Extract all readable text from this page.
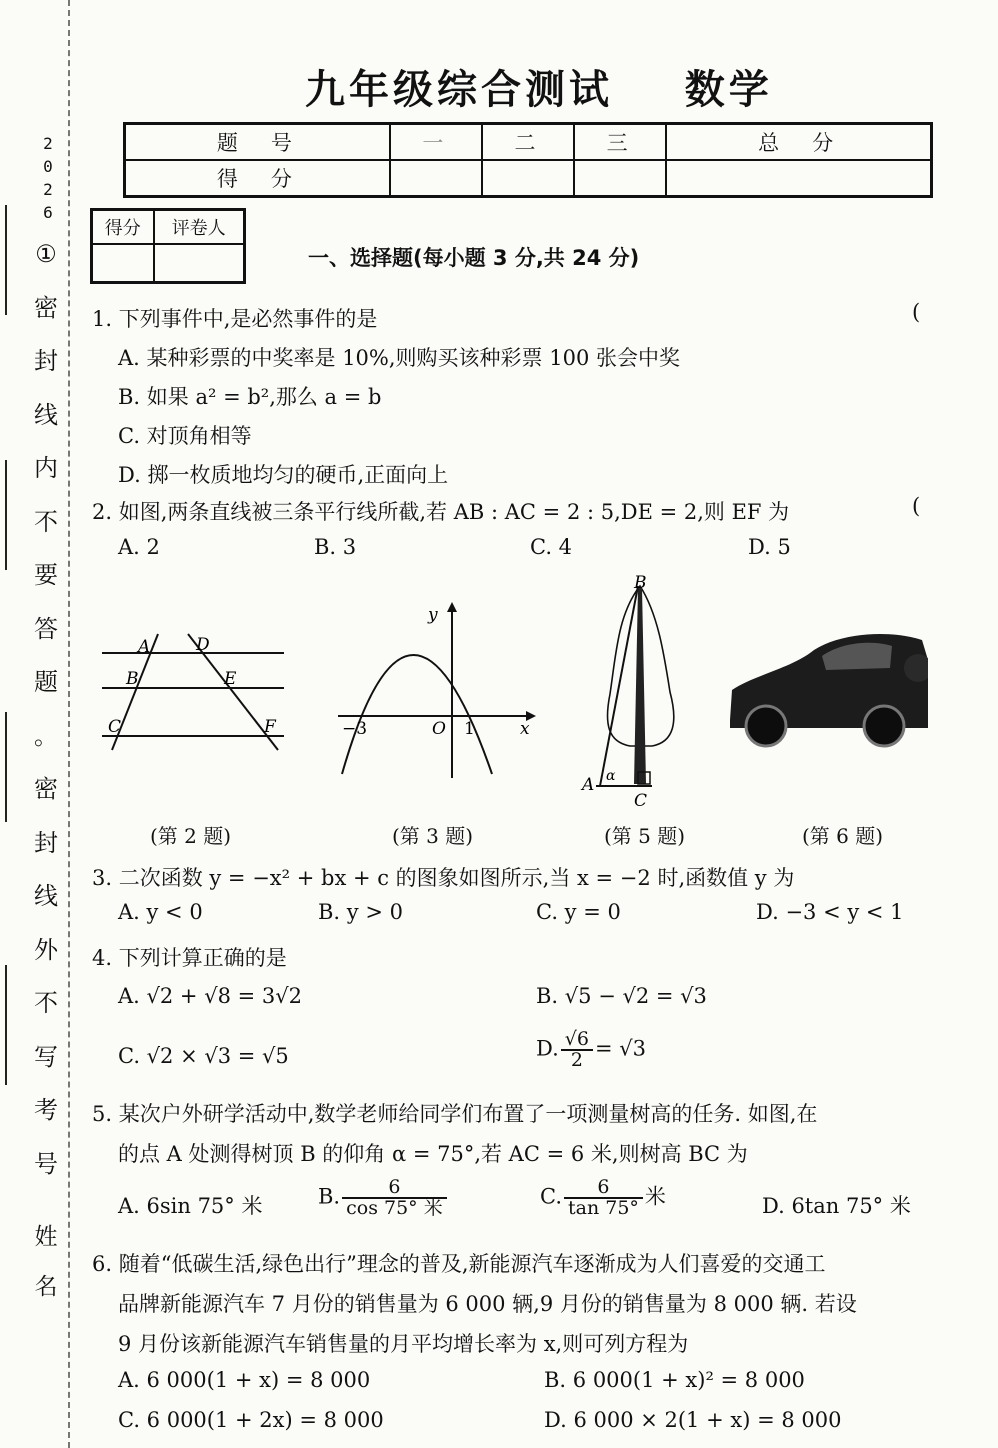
2
0
2
6
①
密
封
线
内
不
要
答
题
。
密
封
线
外
不
写
考
号
姓
名
九年级综合测试    数学
题　号	一	二	三	总　分
得　分				
得分	评卷人

一、选择题(每小题 3 分,共 24 分)
1. 下列事件中,是必然事件的是	(
A. 某种彩票的中奖率是 10%,则购买该种彩票 100 张会中奖
B. 如果 a² = b²,那么 a = b
C. 对顶角相等
D. 掷一枚质地均匀的硬币,正面向上
2. 如图,两条直线被三条平行线所截,若 AB : AC = 2 : 5,DE = 2,则 EF 为	(
A. 2	B. 3	C. 4	D. 5
A
B
C
D
E
F
y
x
−3	O 1
B
A α
C
(第 2 题)	(第 3 题)	(第 5 题)	(第 6 题)
3. 二次函数 y = −x² + bx + c 的图象如图所示,当 x = −2 时,函数值 y 为
A. y < 0	B. y > 0	C. y = 0	D. −3 < y < 1
4. 下列计算正确的是
A. √2 + √8 = 3√2	B. √5 − √2 = √3
C. √2 × √3 = √5	D. $\frac{√6}{2} = √3$
5. 某次户外研学活动中,数学老师给同学们布置了一项测量树高的任务. 如图,在
的点 A 处测得树顶 B 的仰角 α = 75°,若 AC = 6 米,则树高 BC 为
A. 6sin 75° 米	B. $\frac{6}{\text{cos 75° 米}}$	C. $\frac{6}{\tan 75^\circ}$ 米	D. 6tan 75° 米
6. 随着“低碳生活,绿色出行”理念的普及,新能源汽车逐渐成为人们喜爱的交通工
品牌新能源汽车 7 月份的销售量为 6 000 辆,9 月份的销售量为 8 000 辆. 若设
9 月份该新能源汽车销售量的月平均增长率为 x,则可列方程为
A. 6 000(1 + x) = 8 000	B. 6 000(1 + x)² = 8 000
C. 6 000(1 + 2x) = 8 000	D. 6 000 × 2(1 + x) = 8 000
